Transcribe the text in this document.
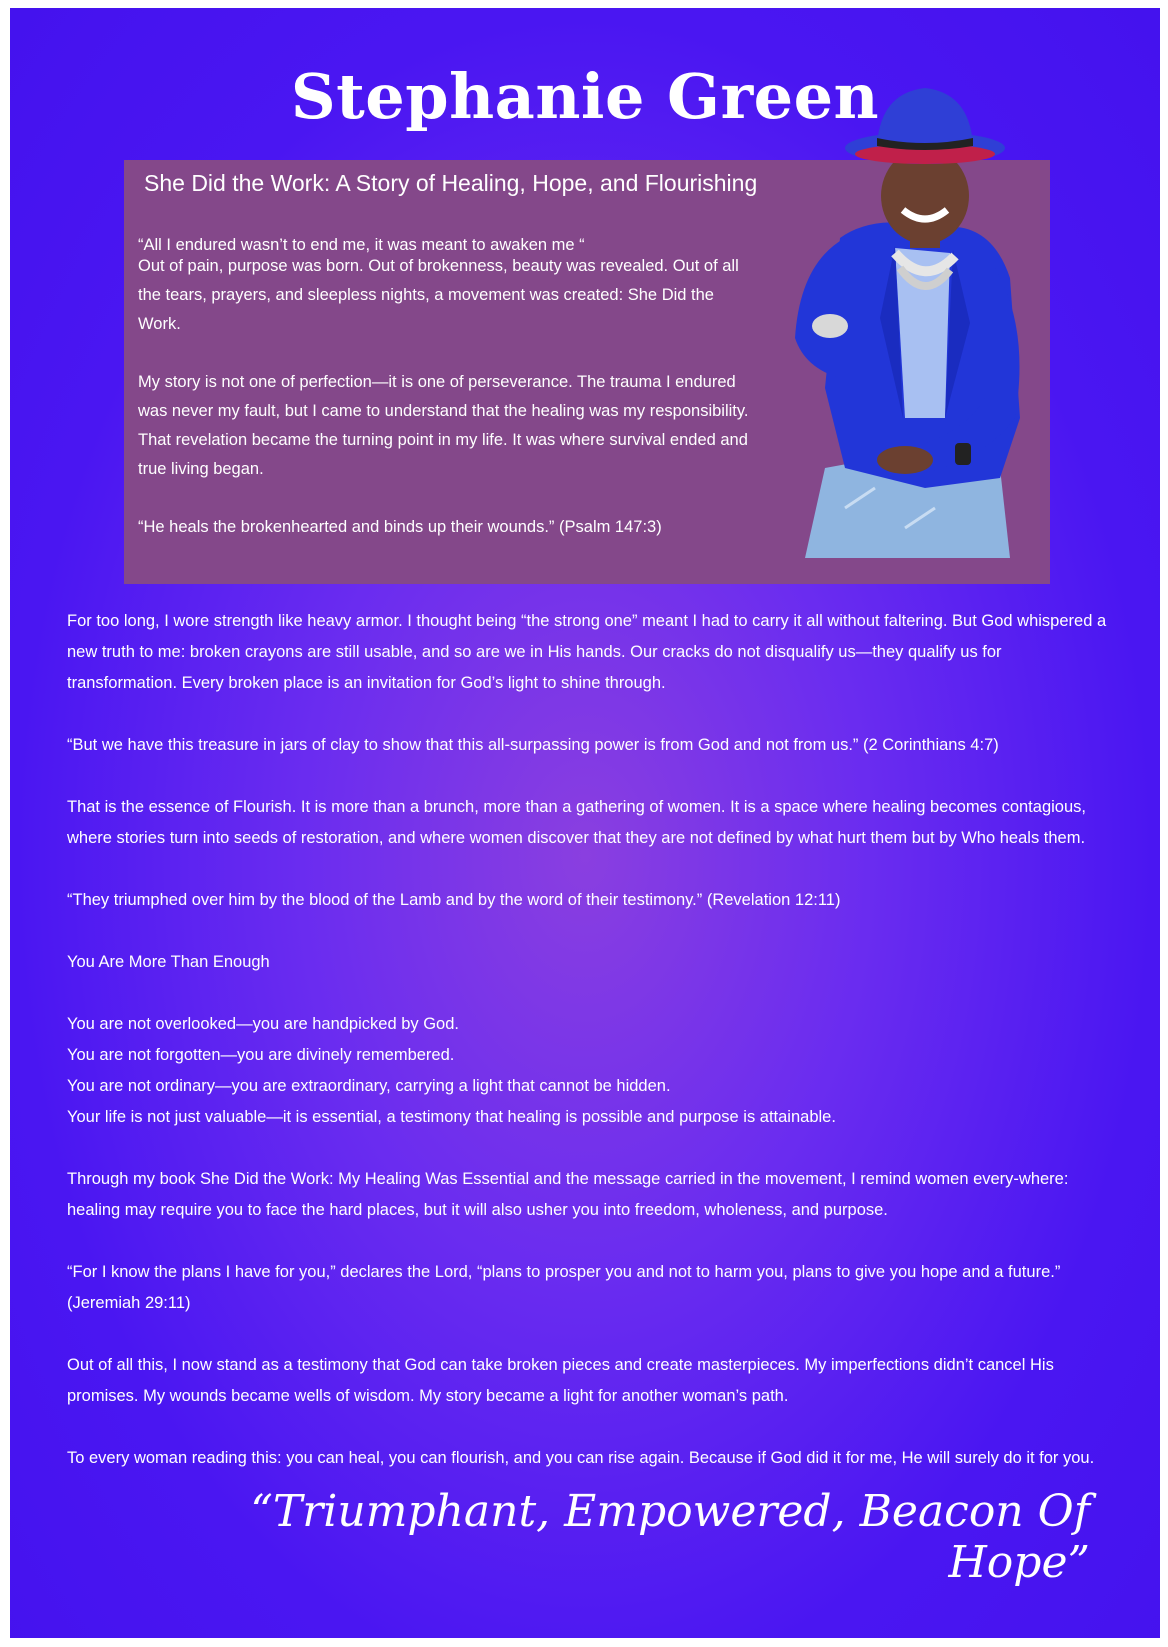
Stephanie Green
She Did the Work: A Story of Healing, Hope, and Flourishing
“All I endured wasn’t to end me, it was meant to awaken me “

Out of pain, purpose was born. Out of brokenness, beauty was revealed. Out of all the tears, prayers, and sleepless nights, a movement was created: She Did the Work.

My story is not one of perfection—it is one of perseverance. The trauma I endured was never my fault, but I came to understand that the healing was my responsibility. That revelation became the turning point in my life. It was where survival ended and true living began.

“He heals the brokenhearted and binds up their wounds.” (Psalm 147:3)

For too long, I wore strength like heavy armor. I thought being “the strong one” meant I had to carry it all without faltering. But God whispered a new truth to me: broken crayons are still usable, and so are we in His hands. Our cracks do not disqualify us—they qualify us for transformation. Every broken place is an invitation for God’s light to shine through.

“But we have this treasure in jars of clay to show that this all-surpassing power is from God and not from us.” (2 Corinthians 4:7)

That is the essence of Flourish. It is more than a brunch, more than a gathering of women. It is a space where healing becomes contagious, where stories turn into seeds of restoration, and where women discover that they are not defined by what hurt them but by Who heals them.

“They triumphed over him by the blood of the Lamb and by the word of their testimony.” (Revelation 12:11)

You Are More Than Enough

You are not overlooked—you are handpicked by God.
You are not forgotten—you are divinely remembered.
You are not ordinary—you are extraordinary, carrying a light that cannot be hidden.
Your life is not just valuable—it is essential, a testimony that healing is possible and purpose is attainable.

Through my book She Did the Work: My Healing Was Essential and the message carried in the movement, I remind women every-where: healing may require you to face the hard places, but it will also usher you into freedom, wholeness, and purpose.

“For I know the plans I have for you,” declares the Lord, “plans to prosper you and not to harm you, plans to give you hope and a future.” (Jeremiah 29:11)

Out of all this, I now stand as a testimony that God can take broken pieces and create masterpieces. My imperfections didn’t cancel His promises. My wounds became wells of wisdom. My story became a light for another woman’s path.

To every woman reading this: you can heal, you can flourish, and you can rise again. Because if God did it for me, He will surely do it for you.

“Triumphant, Empowered, Beacon Of Hope”
